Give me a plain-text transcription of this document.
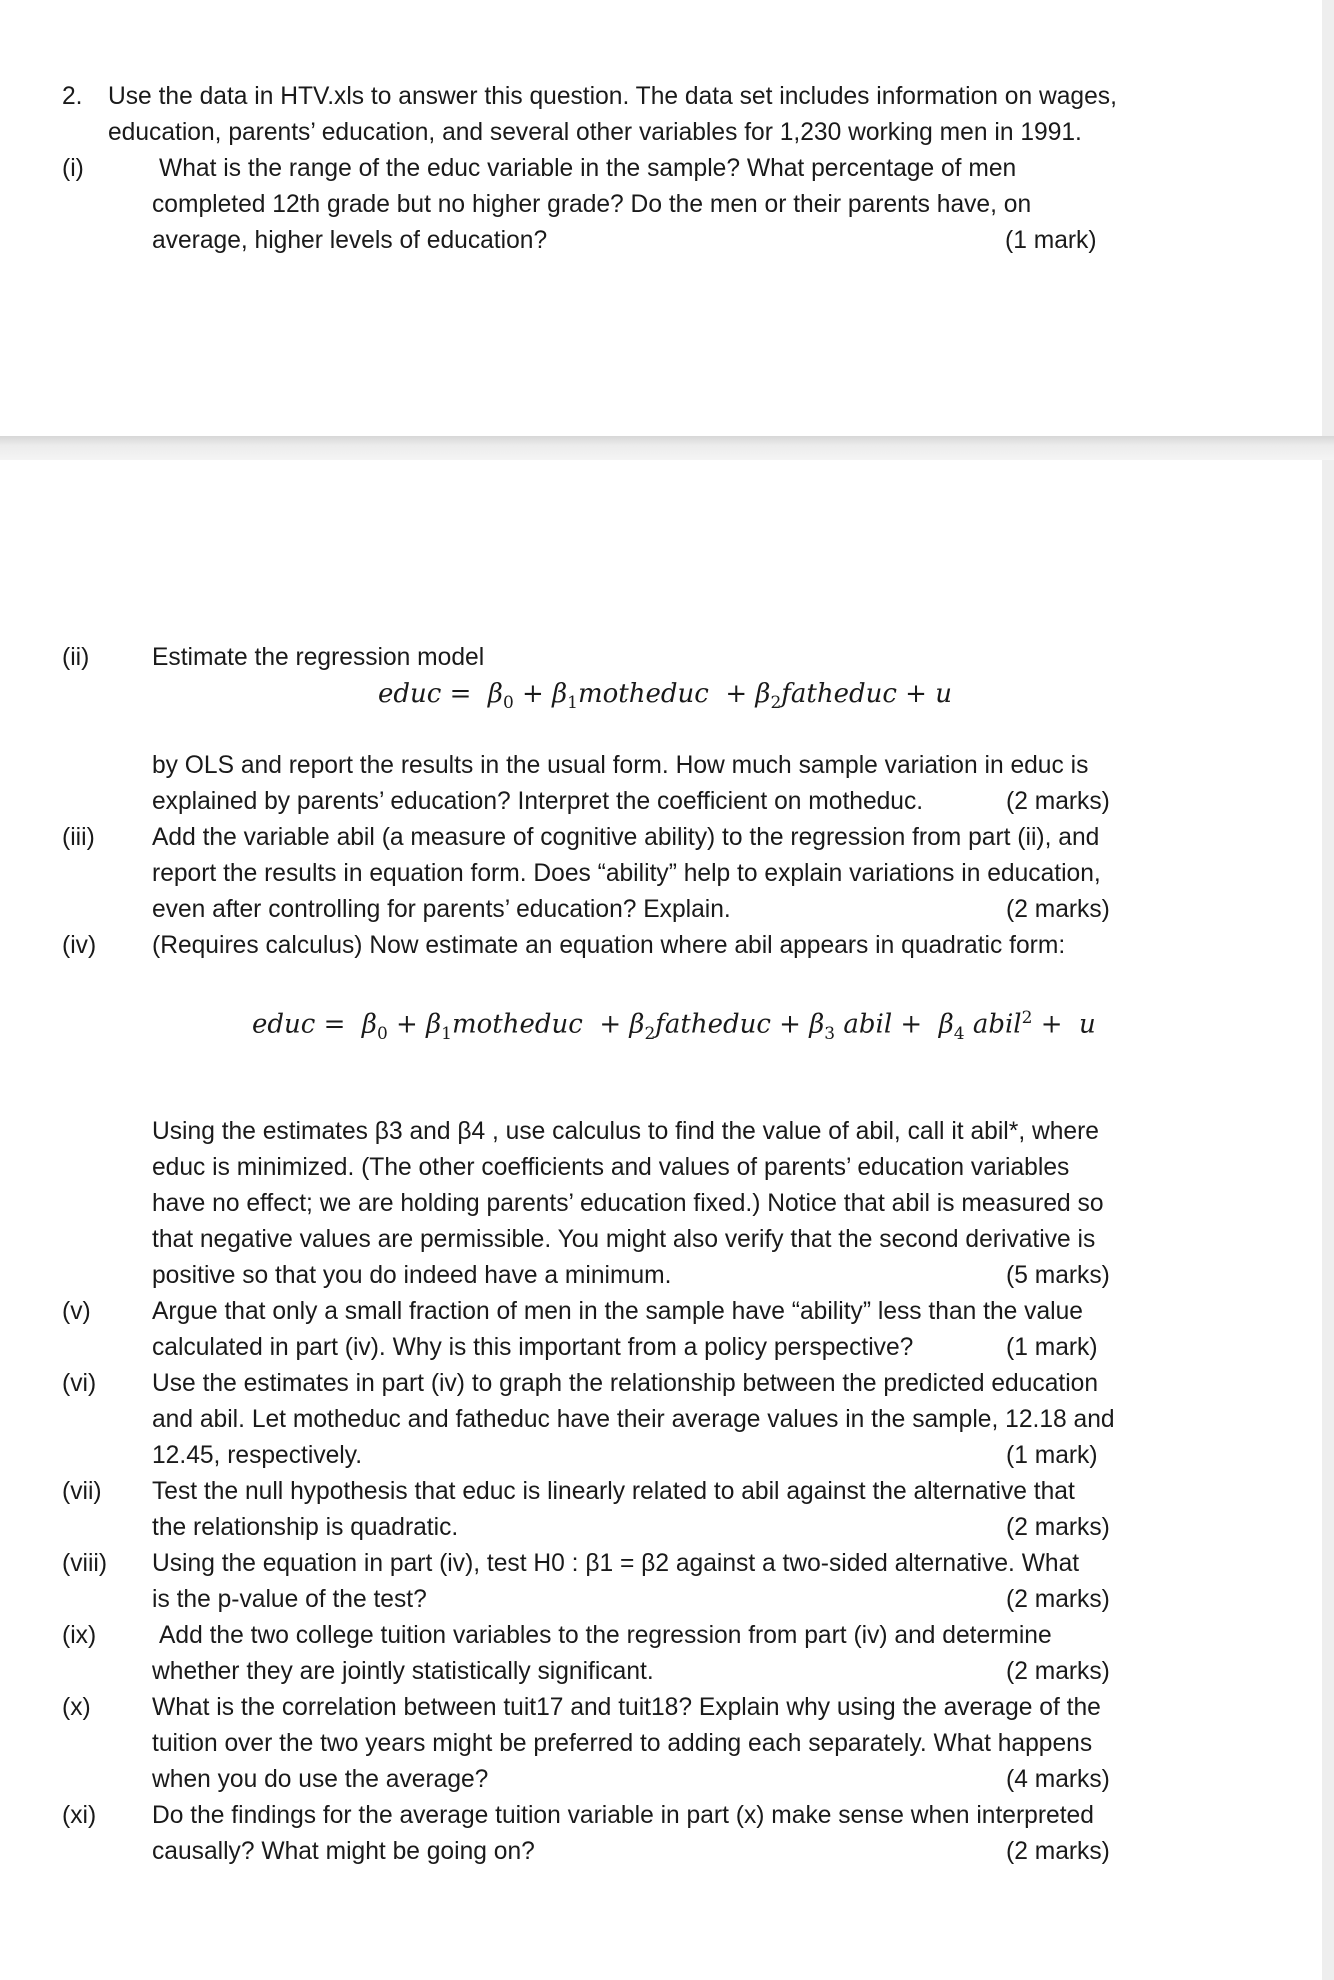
2. Use the data in HTV.xls to answer this question. The data set includes information on wages,
education, parents’ education, and several other variables for 1,230 working men in 1991.
(i)	What is the range of the educ variable in the sample? What percentage of men
completed 12th grade but no higher grade? Do the men or their parents have, on
average, higher levels of education?	(1 mark)
(ii)	Estimate the regression model
educ =  $\beta_0$ + $\beta_1motheduc$  + $\beta_2fatheduc + u$
by OLS and report the results in the usual form. How much sample variation in educ is
explained by parents’ education? Interpret the coefficient on motheduc.	(2 marks)
(iii) Add the variable abil (a measure of cognitive ability) to the regression from part (ii), and
report the results in equation form. Does “ability” help to explain variations in education,
even after controlling for parents’ education? Explain.	(2 marks)
(iv) (Requires calculus) Now estimate an equation where abil appears in quadratic form:
educ =  $\beta_0$ + $\beta_1motheduc$  + $\beta_2fatheduc + \beta_3$ abil +  $\beta_4$ abil$^2$ +  u
Using the estimates β3 and β4 , use calculus to find the value of abil, call it abil*, where
educ is minimized. (The other coefficients and values of parents’ education variables
have no effect; we are holding parents’ education fixed.) Notice that abil is measured so
that negative values are permissible. You might also verify that the second derivative is
positive so that you do indeed have a minimum.	(5 marks)
(v) Argue that only a small fraction of men in the sample have “ability” less than the value
calculated in part (iv). Why is this important from a policy perspective?	(1 mark)
(vi) Use the estimates in part (iv) to graph the relationship between the predicted education
and abil. Let motheduc and fatheduc have their average values in the sample, 12.18 and
12.45, respectively.	(1 mark)
(vii) Test the null hypothesis that educ is linearly related to abil against the alternative that
the relationship is quadratic.	(2 marks)
(viii) Using the equation in part (iv), test H0 : β1 = β2 against a two-sided alternative. What
is the p-value of the test?	(2 marks)
(ix)	Add the two college tuition variables to the regression from part (iv) and determine
whether they are jointly statistically significant.	(2 marks)
(x) What is the correlation between tuit17 and tuit18? Explain why using the average of the
tuition over the two years might be preferred to adding each separately. What happens
when you do use the average?	(4 marks)
(xi) Do the findings for the average tuition variable in part (x) make sense when interpreted
causally? What might be going on?	(2 marks)
